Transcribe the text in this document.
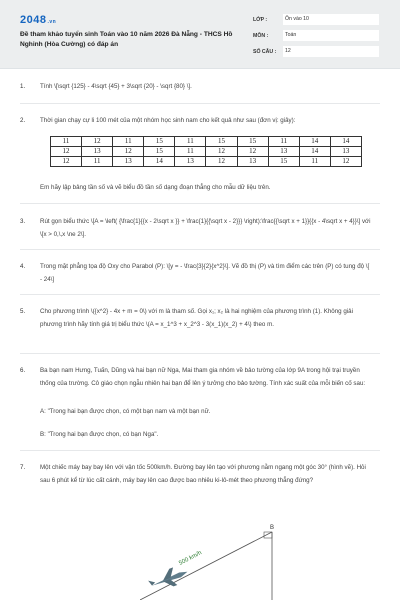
2048.vn
Đề tham khảo tuyển sinh Toán vào 10 năm 2026 Đà Nẵng - THCS Hồ Nghinh (Hòa Cường) có đáp án
LỚP :	Ôn vào 10
MÔN :	Toán
SỐ CÂU :	12
1. Tính \[\sqrt {125} - 4\sqrt {45} + 3\sqrt {20} - \sqrt {80} \].
2. Thời gian chạy cự li 100 mét của một nhóm học sinh nam cho kết quả như sau (đơn vị: giây):
11	12	11	15	11	15	15	11	14	14
12	13	12	15	11	12	12	13	14	13
12	11	13	14	13	12	13	15	11	12
Em hãy lập bảng tần số và vẽ biểu đồ tần số dạng đoạn thẳng cho mẫu dữ liệu trên.
3. Rút gọn biểu thức \[A = \left( {\frac{1}{{x - 2\sqrt x }} + \frac{1}{{\sqrt x - 2}}} \right):\frac{{\sqrt x + 1}}{{x - 4\sqrt x + 4}}\] với \[x > 0,\,x \ne 2\].
4. Trong mặt phẳng tọa độ Oxy cho Parabol (P): \[y = - \frac{3}{2}{x^2}\]. Vẽ đồ thị (P) và tìm điểm các trên (P) có tung độ \[ - 24\]
5. Cho phương trình \({x^2} - 4x + m = 0\) với m là tham số. Gọi x₁; x₂ là hai nghiệm của phương trình (1). Không giải phương trình hãy tính giá trị biểu thức \(A = x_1^3 + x_2^3 - 3(x_1)(x_2) + 4\) theo m.
6. Ba bạn nam Hưng, Tuấn, Dũng và hai bạn nữ Nga, Mai tham gia nhóm về bảo tường của lớp 9A trong hội trại truyền thống của trường. Cô giáo chọn ngẫu nhiên hai bạn để lên ý tưởng cho bảo tường. Tính xác suất của mỗi biến cố sau:
A: "Trong hai bạn được chọn, có một bạn nam và một bạn nữ.
B: "Trong hai bạn được chọn, có bạn Nga".
7. Một chiếc máy bay bay lên với vận tốc 500km/h. Đường bay lên tạo với phương nằm ngang một góc 30° (hình vẽ). Hỏi sau 6 phút kể từ lúc cất cánh, máy bay lên cao được bao nhiêu ki-lô-mét theo phương thẳng đứng?
B
500 km/h
